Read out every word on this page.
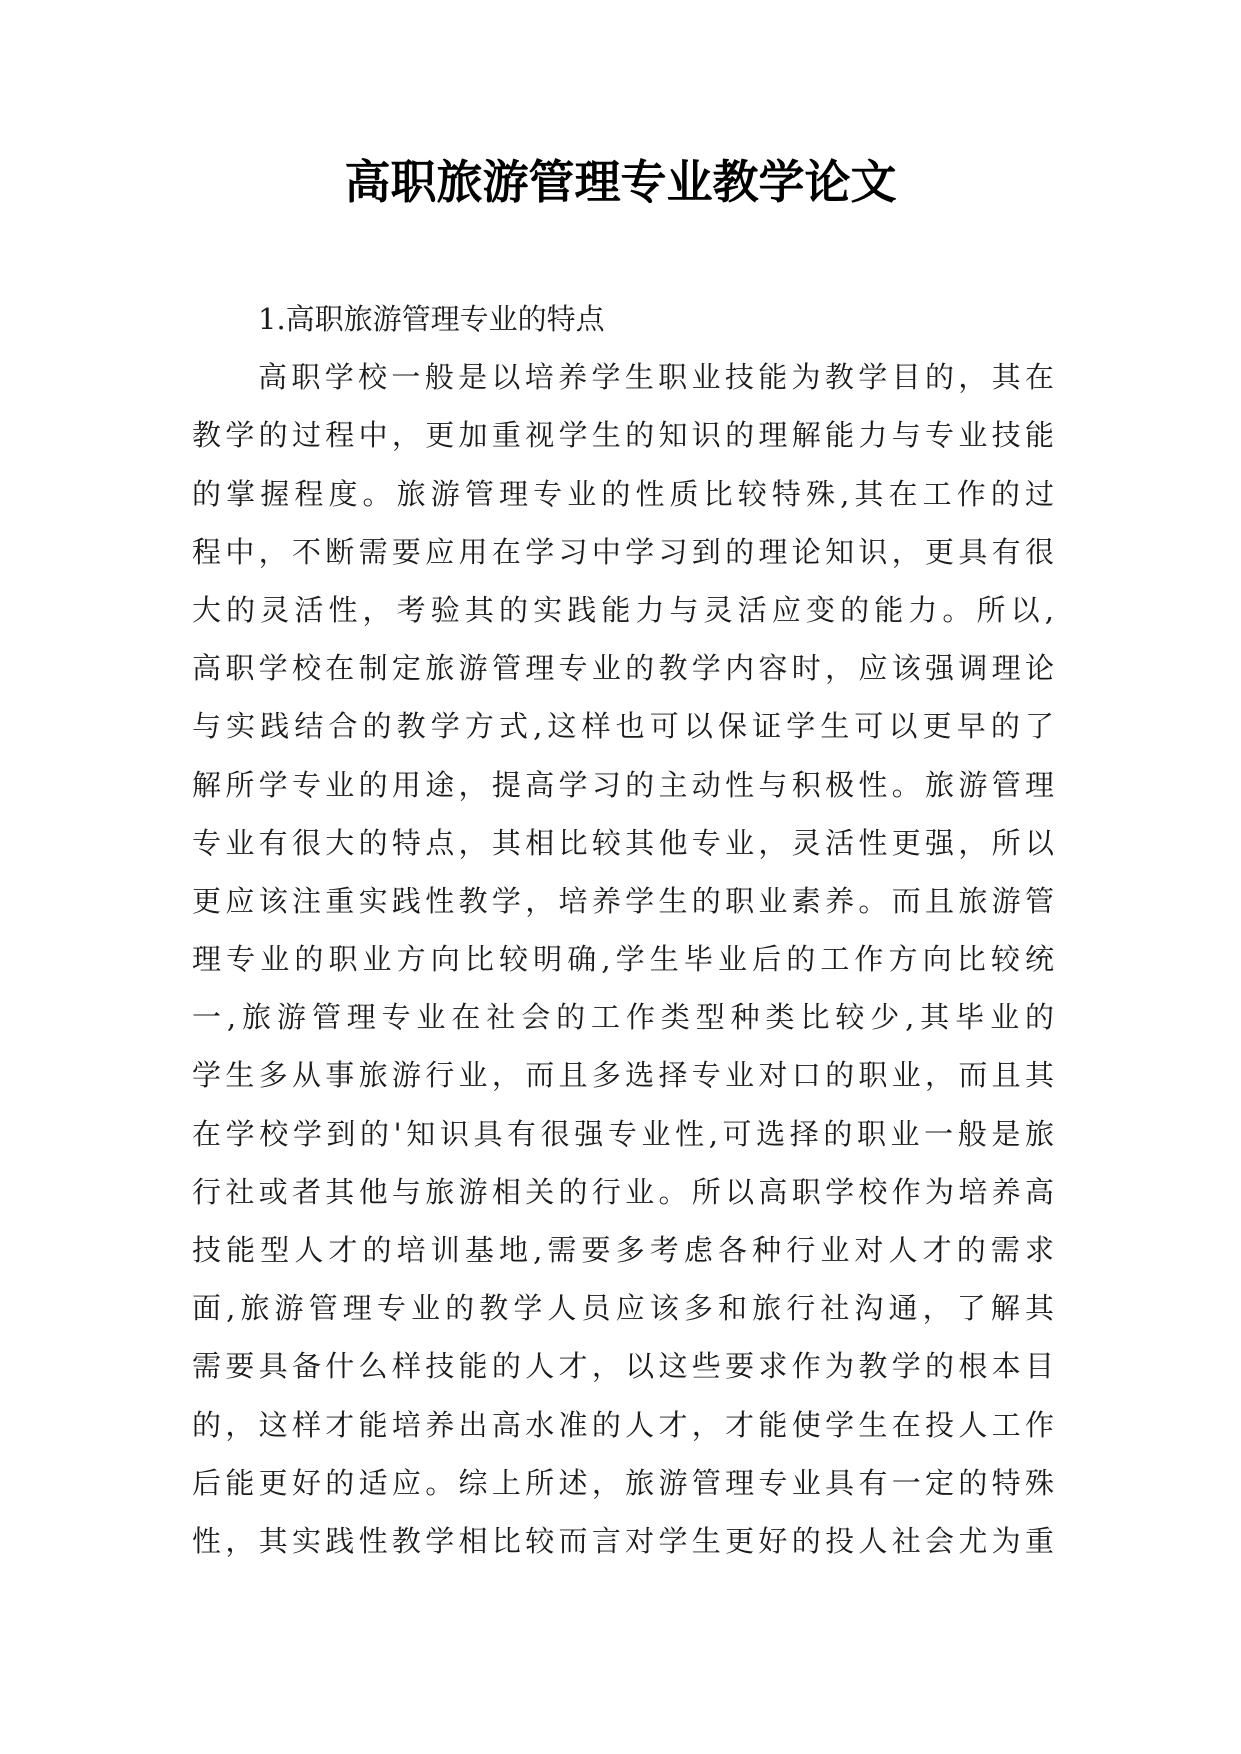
高职旅游管理专业教学论文
1.高职旅游管理专业的特点
高职学校一般是以培养学生职业技能为教学目的，其在
教学的过程中，更加重视学生的知识的理解能力与专业技能
的掌握程度。旅游管理专业的性质比较特殊,其在工作的过
程中，不断需要应用在学习中学习到的理论知识，更具有很
大的灵活性，考验其的实践能力与灵活应变的能力。所以,
高职学校在制定旅游管理专业的教学内容时，应该强调理论
与实践结合的教学方式,这样也可以保证学生可以更早的了
解所学专业的用途，提高学习的主动性与积极性。旅游管理
专业有很大的特点，其相比较其他专业，灵活性更强，所以
更应该注重实践性教学，培养学生的职业素养。而且旅游管
理专业的职业方向比较明确,学生毕业后的工作方向比较统
一,旅游管理专业在社会的工作类型种类比较少,其毕业的
学生多从事旅游行业，而且多选择专业对口的职业，而且其
在学校学到的'知识具有很强专业性,可选择的职业一般是旅
行社或者其他与旅游相关的行业。所以高职学校作为培养高
技能型人才的培训基地,需要多考虑各种行业对人才的需求
面,旅游管理专业的教学人员应该多和旅行社沟通，了解其
需要具备什么样技能的人才，以这些要求作为教学的根本目
的，这样才能培养出高水准的人才，才能使学生在投人工作
后能更好的适应。综上所述，旅游管理专业具有一定的特殊
性，其实践性教学相比较而言对学生更好的投人社会尤为重
